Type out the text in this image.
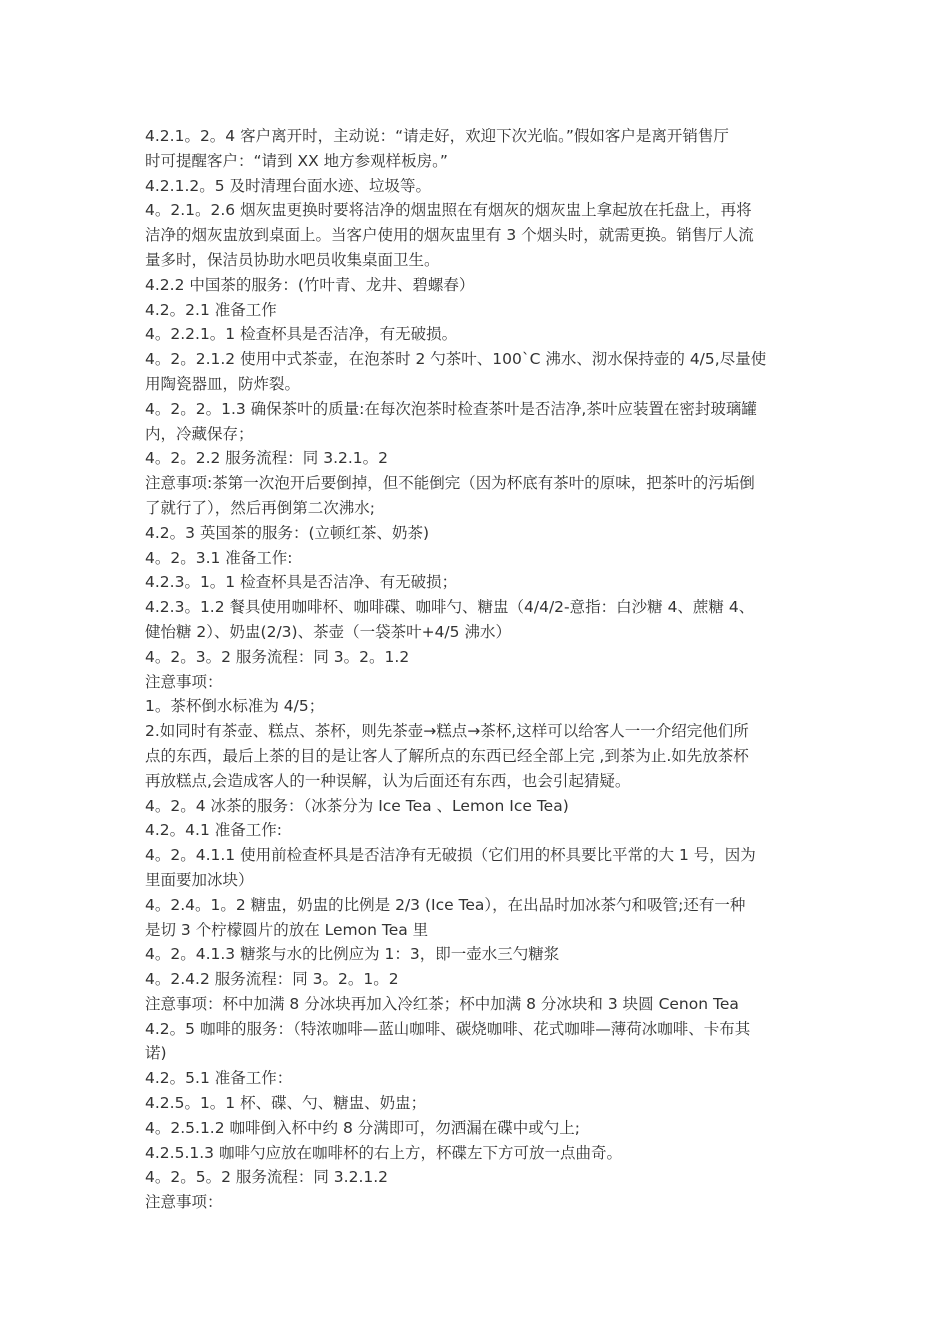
4.2.1。2。4 客户离开时，主动说：“请走好，欢迎下次光临。”假如客户是离开销售厅
时可提醒客户：“请到 XX 地方参观样板房。”
4.2.1.2。5 及时清理台面水迹、垃圾等。
4。2.1。2.6 烟灰盅更换时要将洁净的烟盅照在有烟灰的烟灰盅上拿起放在托盘上，再将
洁净的烟灰盅放到桌面上。当客户使用的烟灰盅里有 3 个烟头时，就需更换。销售厅人流
量多时，保洁员协助水吧员收集桌面卫生。
4.2.2 中国茶的服务：(竹叶青、龙井、碧螺春）
4.2。2.1 准备工作
4。2.2.1。1 检查杯具是否洁净，有无破损。
4。2。2.1.2 使用中式茶壶，在泡茶时 2 勺茶叶、100`C 沸水、沏水保持壶的 4/5,尽量使
用陶瓷器皿，防炸裂。
4。2。2。1.3 确保茶叶的质量:在每次泡茶时检查茶叶是否洁净,茶叶应装置在密封玻璃罐
内，冷藏保存；
4。2。2.2 服务流程：同 3.2.1。2
注意事项:茶第一次泡开后要倒掉，但不能倒完（因为杯底有茶叶的原味，把茶叶的污垢倒
了就行了），然后再倒第二次沸水;
4.2。3 英国茶的服务：(立顿红茶、奶茶)
4。2。3.1 准备工作:
4.2.3。1。1 检查杯具是否洁净、有无破损；
4.2.3。1.2 餐具使用咖啡杯、咖啡碟、咖啡勺、糖盅（4/4/2-意指：白沙糖 4、蔗糖 4、
健怡糖 2）、奶盅(2/3)、茶壶（一袋茶叶+4/5 沸水）
4。2。3。2 服务流程：同 3。2。1.2
注意事项：
1。茶杯倒水标准为 4/5；
2.如同时有茶壶、糕点、茶杯，则先茶壶→糕点→茶杯,这样可以给客人一一介绍完他们所
点的东西，最后上茶的目的是让客人了解所点的东西已经全部上完 ,到茶为止.如先放茶杯
再放糕点,会造成客人的一种误解，认为后面还有东西，也会引起猜疑。
4。2。4 冰茶的服务：（冰茶分为 Ice Tea 、Lemon Ice Tea)
4.2。4.1 准备工作:
4。2。4.1.1 使用前检查杯具是否洁净有无破损（它们用的杯具要比平常的大 1 号，因为
里面要加冰块）
4。2.4。1。2 糖盅，奶盅的比例是 2/3 (Ice Tea），在出品时加冰茶勺和吸管;还有一种
是切 3 个柠檬圆片的放在 Lemon Tea 里
4。2。4.1.3 糖浆与水的比例应为 1：3，即一壶水三勺糖浆
4。2.4.2 服务流程：同 3。2。1。2
注意事项：杯中加满 8 分冰块再加入冷红茶；杯中加满 8 分冰块和 3 块圆 Cenon Tea
4.2。5 咖啡的服务：（特浓咖啡—蓝山咖啡、碳烧咖啡、花式咖啡—薄荷冰咖啡、卡布其
诺)
4.2。5.1 准备工作：
4.2.5。1。1 杯、碟、勺、糖盅、奶盅；
4。2.5.1.2 咖啡倒入杯中约 8 分满即可，勿洒漏在碟中或勺上;
4.2.5.1.3 咖啡勺应放在咖啡杯的右上方，杯碟左下方可放一点曲奇。
4。2。5。2 服务流程：同 3.2.1.2
注意事项：
